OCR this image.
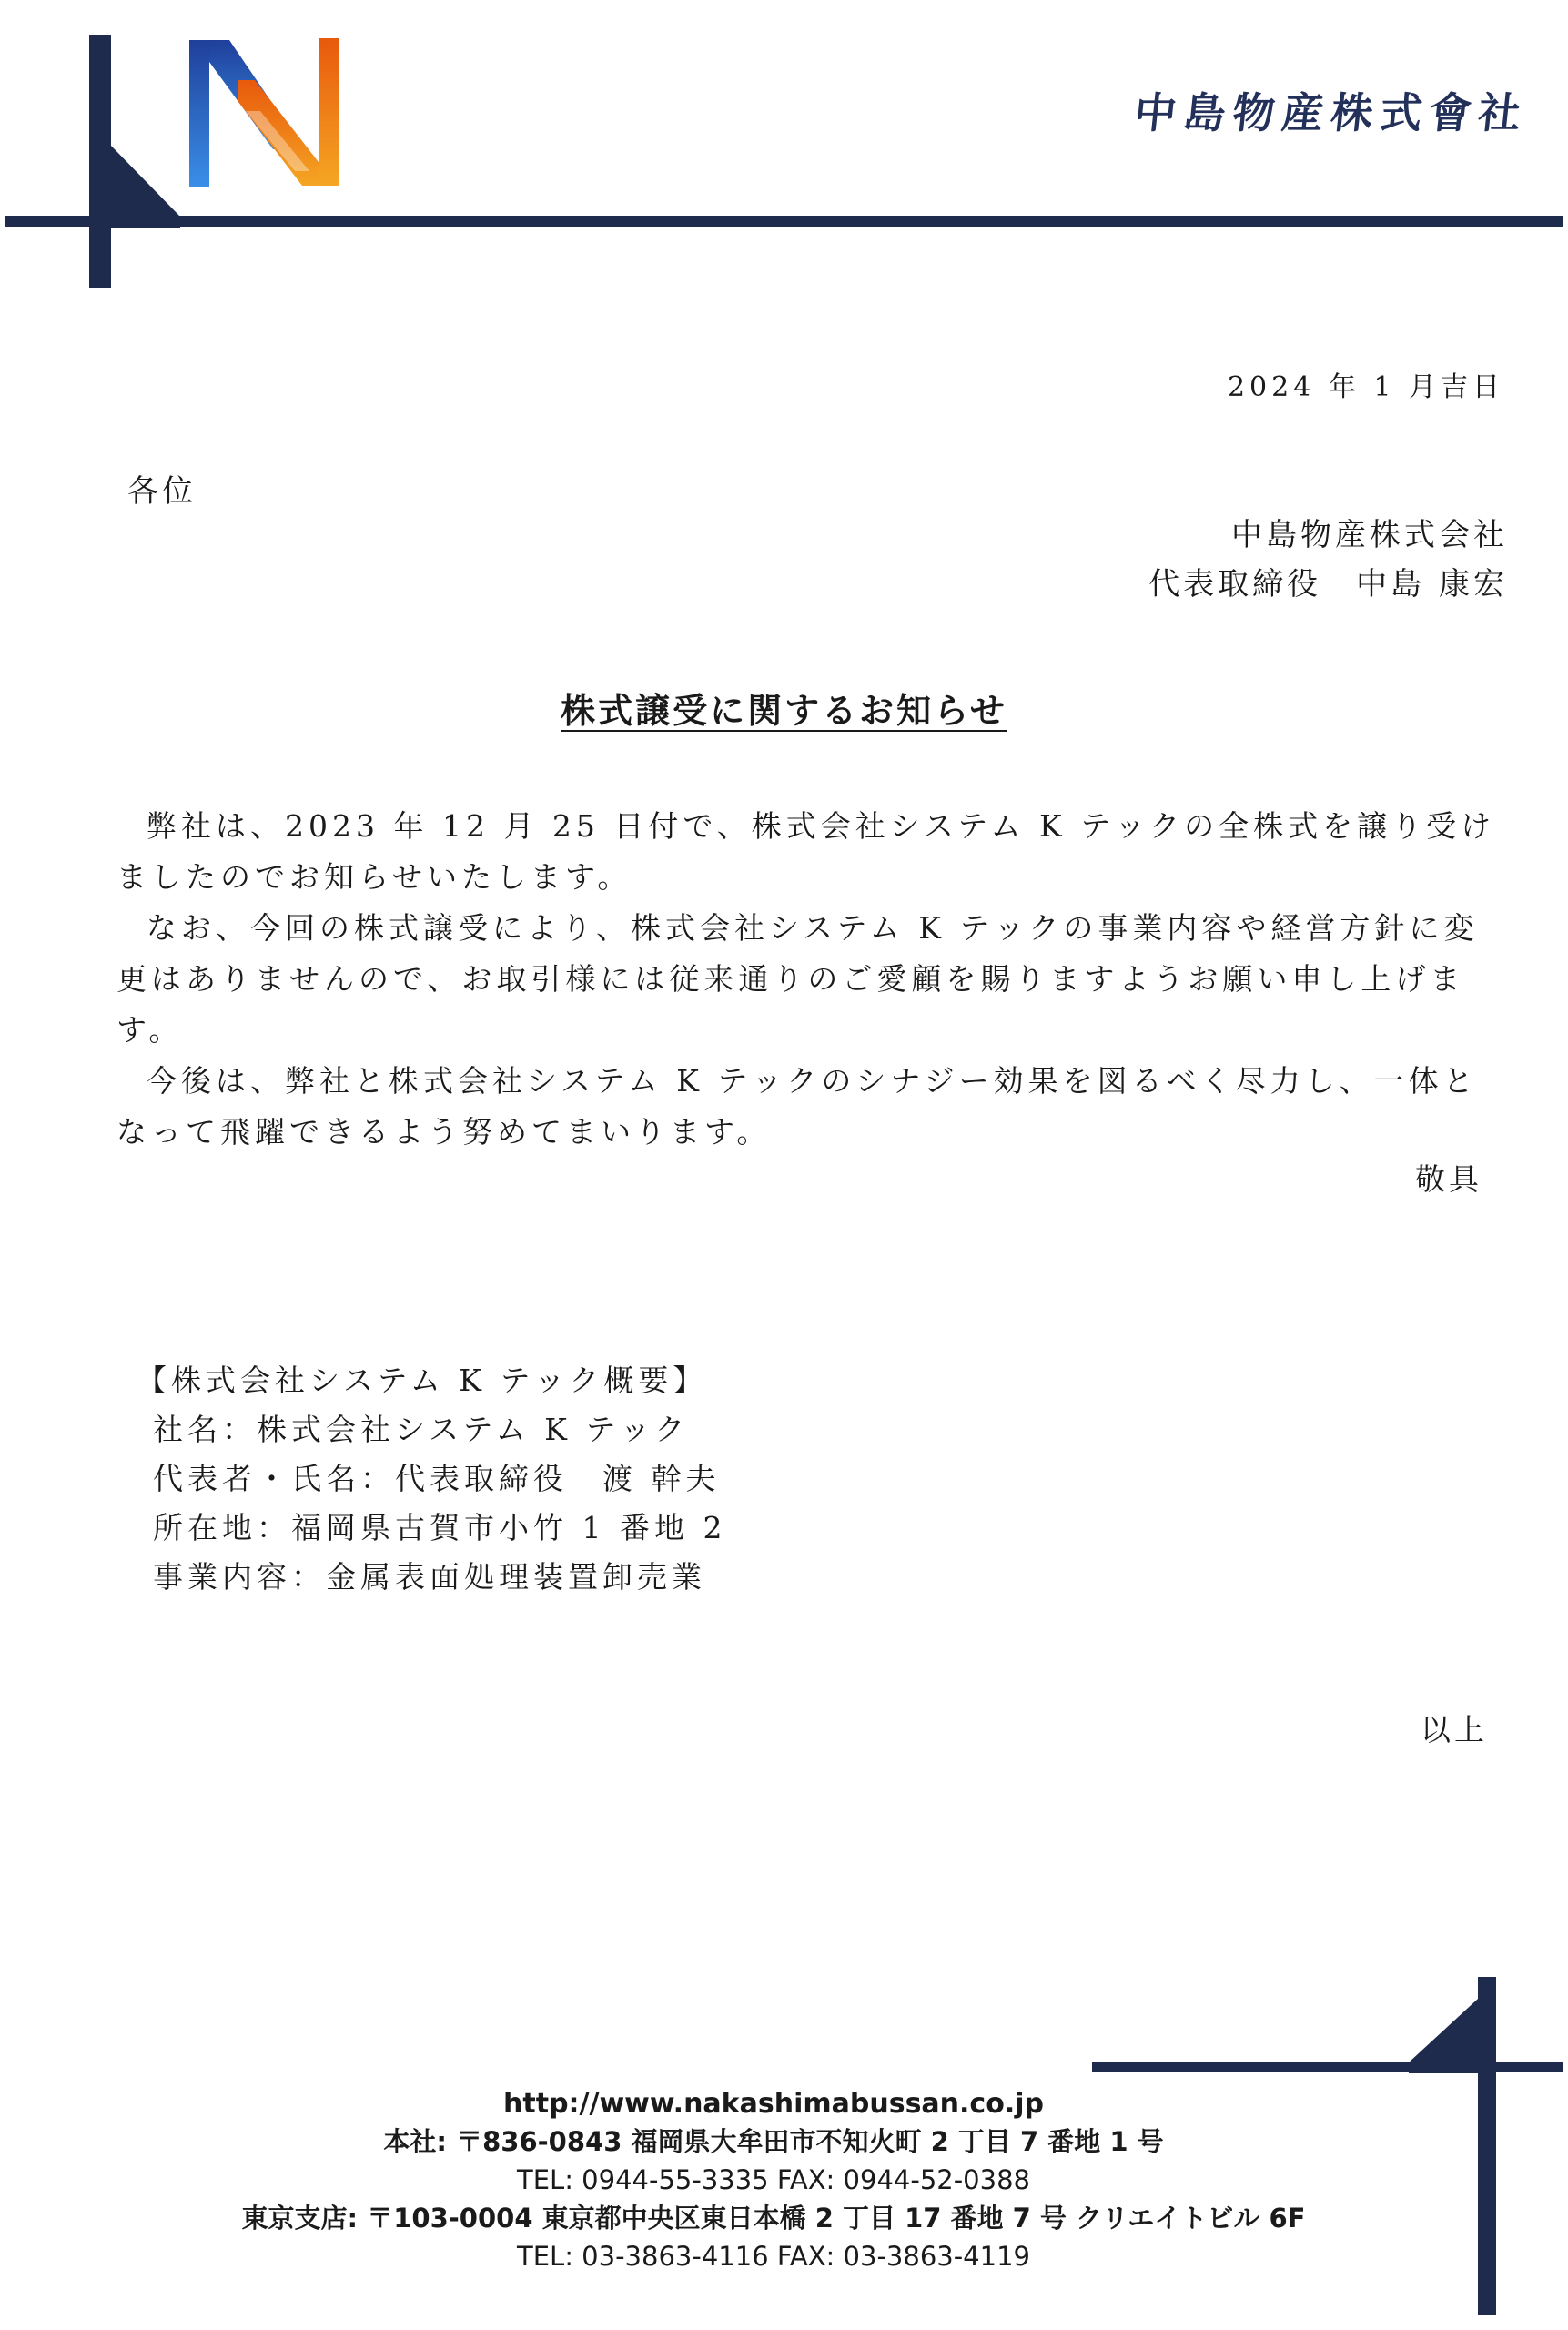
中島物産株式會社
2024 年 1 月吉日
各位
中島物産株式会社
代表取締役　中島 康宏
株式譲受に関するお知らせ

弊社は、2023 年 12 月 25 日付で、株式会社システム K テックの全株式を譲り受けましたのでお知らせいたします。

なお、今回の株式譲受により、株式会社システム K テックの事業内容や経営方針に変更はありませんので、お取引様には従来通りのご愛顧を賜りますようお願い申し上げます。

今後は、弊社と株式会社システム K テックのシナジー効果を図るべく尽力し、一体となって飛躍できるよう努めてまいります。

敬具
【株式会社システム K テック概要】
社名：株式会社システム K テック
代表者・氏名：代表取締役　渡 幹夫
所在地：福岡県古賀市小竹 1 番地 2
事業内容：金属表面処理装置卸売業
以上
http://www.nakashimabussan.co.jp
本社: 〒836-0843 福岡県大牟田市不知火町 2 丁目 7 番地 1 号
TEL: 0944-55-3335 FAX: 0944-52-0388
東京支店: 〒103-0004 東京都中央区東日本橋 2 丁目 17 番地 7 号 クリエイトビル 6F
TEL: 03-3863-4116 FAX: 03-3863-4119
